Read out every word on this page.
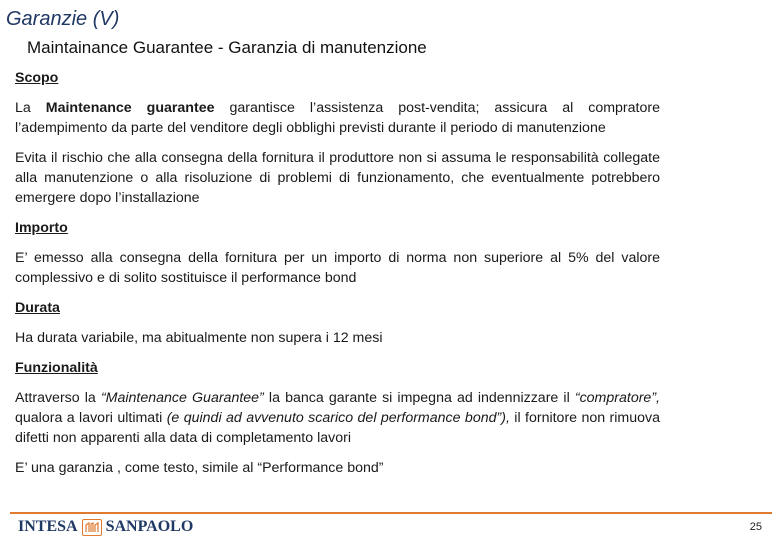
Garanzie (V)
Maintainance Guarantee - Garanzia di manutenzione
Scopo
La Maintenance guarantee garantisce l’assistenza post-vendita; assicura al compratore l’adempimento da parte del venditore degli obblighi previsti durante il periodo di manutenzione
Evita il rischio che alla consegna della fornitura il produttore non si assuma le responsabilità collegate alla manutenzione o alla risoluzione di problemi di funzionamento, che eventualmente potrebbero emergere dopo l’installazione
Importo
E’ emesso alla consegna della fornitura per un importo di norma non superiore al 5% del valore complessivo e di solito sostituisce il performance bond
Durata
Ha durata variabile, ma abitualmente non supera i 12 mesi
Funzionalità
Attraverso la “Maintenance Guarantee” la banca garante si impegna ad indennizzare il “compratore”, qualora a lavori ultimati (e quindi ad avvenuto scarico del performance bond”), il fornitore non rimuova difetti non apparenti alla data di completamento lavori
E’ una garanzia , come testo, simile al “Performance bond”
INTESA SANPAOLO	25
